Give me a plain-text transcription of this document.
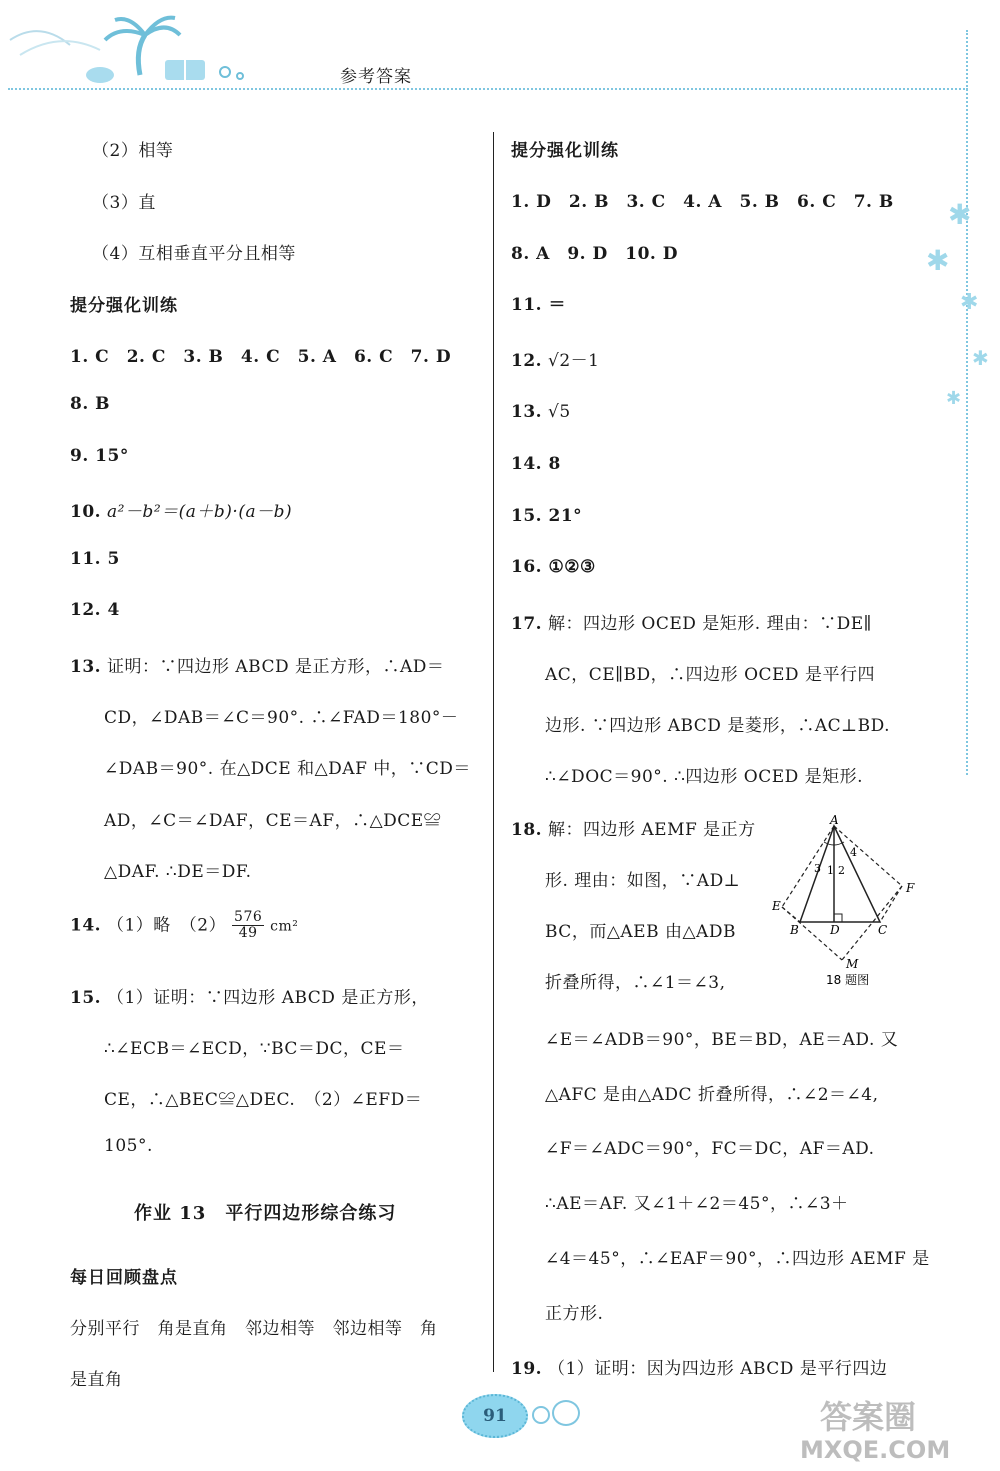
参考答案
✱
✱
✱
✱
✱
（2）相等
（3）直
（4）互相垂直平分且相等
提分强化训练
1. C　2. C　3. B　4. C　5. A　6. C　7. D
8. B
9. 15°
10. a²－b²＝(a＋b)·(a－b)
11. 5
12. 4
13. 证明：∵四边形 ABCD 是正方形，∴AD＝
CD，∠DAB＝∠C＝90°. ∴∠FAD＝180°－
∠DAB＝90°. 在△DCE 和△DAF 中，∵CD＝
AD，∠C＝∠DAF，CE＝AF，∴△DCE≌
△DAF. ∴DE＝DF.
14. （1）略　$(2) \frac{576}{49} cm^2$
15. （1）证明：∵四边形 ABCD 是正方形，
∴∠ECB＝∠ECD，∵BC＝DC，CE＝
CE，∴△BEC≌△DEC.　（2）∠EFD＝
105°.
作业 13　平行四边形综合练习
每日回顾盘点
分别平行　角是直角　邻边相等　邻边相等　角
是直角
提分强化训练
1. D　2. B　3. C　4. A　5. B　6. C　7. B
8. A　9. D　10. D
11. ＝
12. √2－1
13. √5
14. 8
15. 21°
16. ①②③
17. 解：四边形 OCED 是矩形. 理由：∵DE∥
AC，CE∥BD，∴四边形 OCED 是平行四
边形. ∵四边形 ABCD 是菱形，∴AC⊥BD.
∴∠DOC＝90°. ∴四边形 OCED 是矩形.
18. 解：四边形 AEMF 是正方
形. 理由：如图，∵AD⊥
BC，而△AEB 由△ADB
折叠所得，∴∠1＝∠3,
A
B	C
D
E
F
M
1 2
3
4
18 题图
∠E＝∠ADB＝90°，BE＝BD，AE＝AD. 又
△AFC 是由△ADC 折叠所得，∴∠2＝∠4,
∠F＝∠ADC＝90°，FC＝DC，AF＝AD.
∴AE＝AF. 又∠1＋∠2＝45°，∴∠3＋
∠4＝45°，∴∠EAF＝90°，∴四边形 AEMF 是
正方形.
19. （1）证明：因为四边形 ABCD 是平行四边
91	答案圈
MXQE.COM
